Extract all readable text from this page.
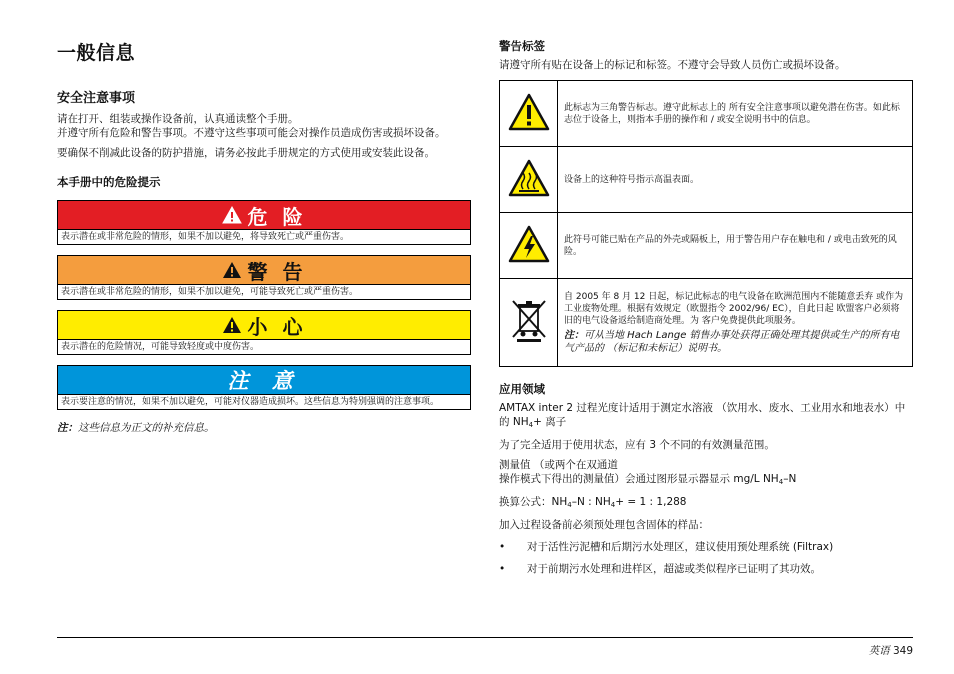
一般信息
安全注意事项

请在打开、组装或操作设备前，认真通读整个手册。

并遵守所有危险和警告事项。不遵守这些事项可能会对操作员造成伤害或损坏设备。

要确保不削减此设备的防护措施，请务必按此手册规定的方式使用或安装此设备。

本手册中的危险提示
危 险
表示潜在或非常危险的情形，如果不加以避免，将导致死亡或严重伤害。
警 告
表示潜在或非常危险的情形，如果不加以避免，可能导致死亡或严重伤害。
小 心
表示潜在的危险情况，可能导致轻度或中度伤害。
注 意
表示要注意的情况，如果不加以避免，可能对仪器造成损坏。这些信息为特别强调的注意事项。
注：这些信息为正文的补充信息。
警告标签

请遵守所有贴在设备上的标记和标签。不遵守会导致人员伤亡或损坏设备。

	此标志为三角警告标志。遵守此标志上的 所有安全注意事项以避免潜在伤害。如此标志位于设备上，则指本手册的操作和 / 或安全说明书中的信息。
	设备上的这种符号指示高温表面。
	此符号可能已贴在产品的外壳或隔板上，用于警告用户存在触电和 / 或电击致死的风险。

自 2005 年 8 月 12 日起，标记此标志的电气设备在欧洲范围内不能随意丢弃 或作为工业废物处理。根据有效规定（欧盟指令 2002/96/ EC），自此日起 欧盟客户必须将旧的电气设备返给制造商处理。为 客户免费提供此项服务。
注：可从当地 Hach Lange 销售办事处获得正确处理其提供或生产的所有电气产品的 （标记和未标记）说明书。
应用领域

AMTAX inter 2 过程光度计适用于测定水溶液 （饮用水、废水、工业用水和地表水）中的 $NH_4+$ 离子

为了完全适用于使用状态，应有 3 个不同的有效测量范围。

测量值 （或两个在双通道
操作模式下得出的测量值）会通过图形显示器显示 mg/L $NH_4-N$

换算公式：$NH_4-N$ : $NH_4+ = 1$ : 1,288

加入过程设备前必须预处理包含固体的样品：

• 对于活性污泥槽和后期污水处理区，建议使用预处理系统 (Filtrax)
• 对于前期污水处理和进样区，超滤或类似程序已证明了其功效。
英语 349
